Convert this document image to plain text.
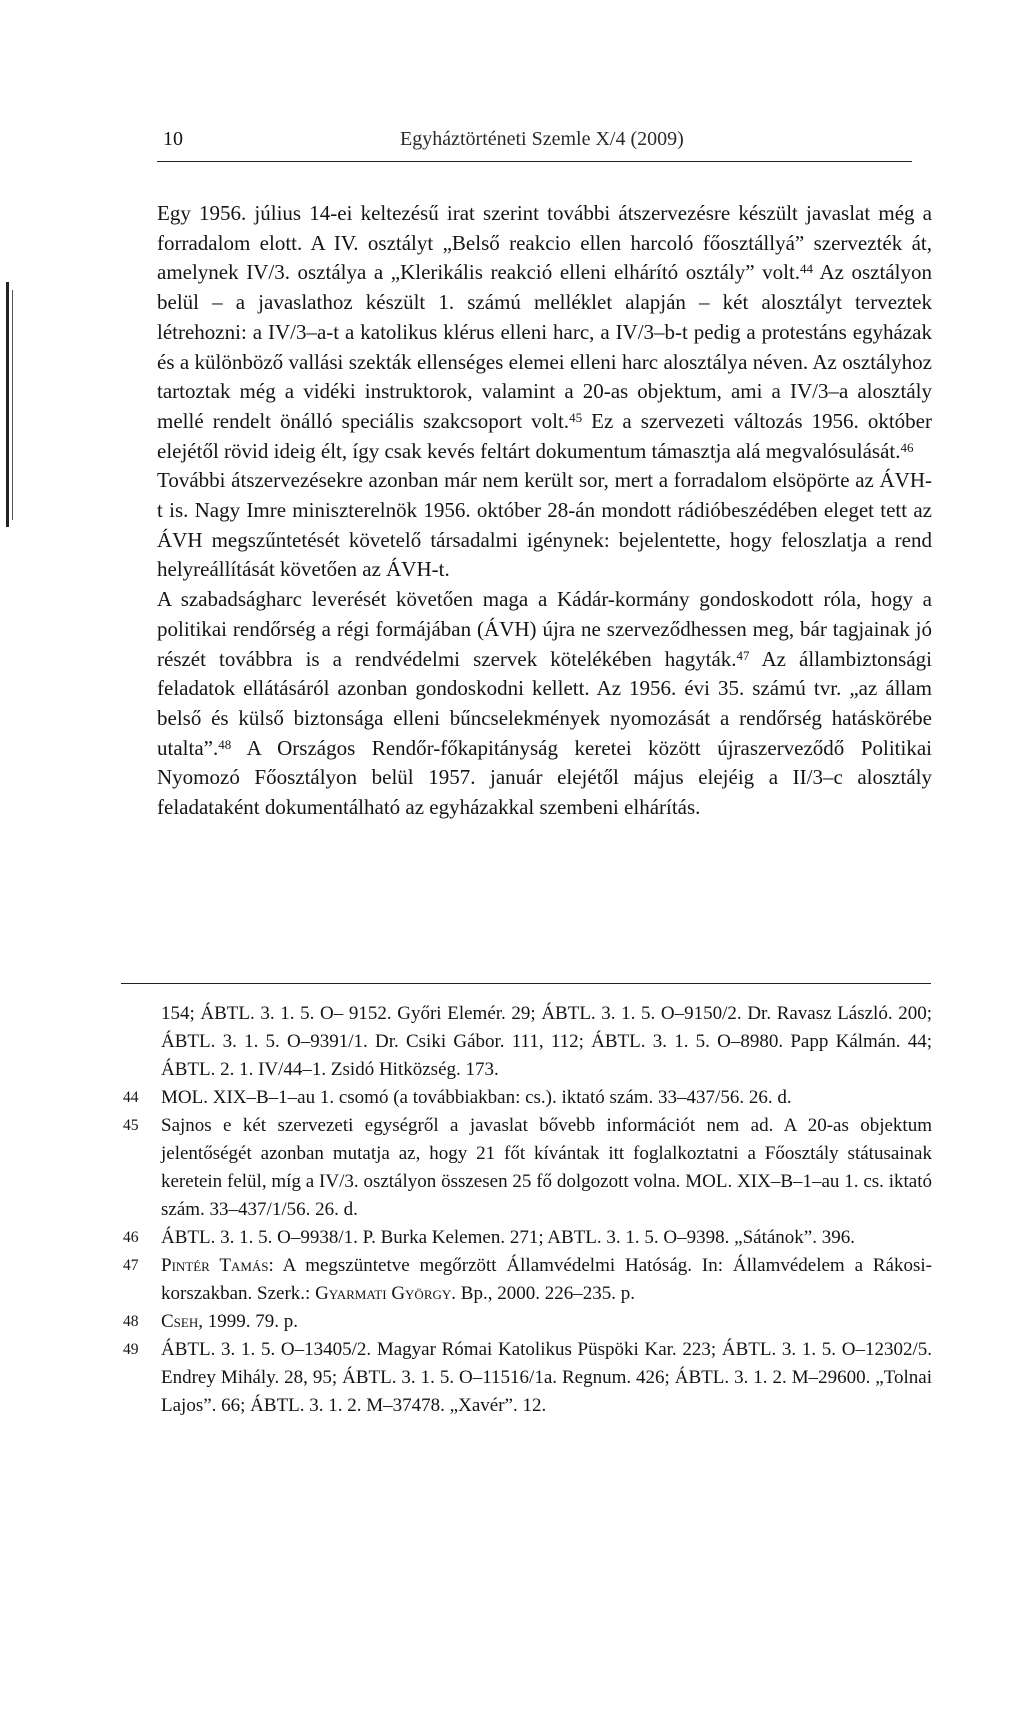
10	Egyháztörténeti Szemle X/4 (2009)

Egy 1956. július 14-ei keltezésű irat szerint további átszervezésre készült javaslat még a forradalom elott. A IV. osztályt „Belső reakcio ellen harcoló főosztállyá” szervezték át, amelynek IV/3. osztálya a „Klerikális reakció elleni elhárító osztály” volt.$^{44}$ Az osztályon belül – a javaslathoz készült 1. számú melléklet alapján – két alosztályt terveztek létrehozni: a IV/3–a-t a katolikus klérus elleni harc, a IV/3–b-t pedig a protestáns egyházak és a különböző vallási szekták ellenséges elemei elleni harc alosztálya néven. Az osztályhoz tartoztak még a vidéki instruktorok, valamint a 20-as objektum, ami a IV/3–a alosztály mellé rendelt önálló speciális szakcsoport volt.$^{45}$ Ez a szervezeti változás 1956. október elejétől rövid ideig élt, így csak kevés feltárt dokumentum támasztja alá megvalósulását.$^{46}$

További átszervezésekre azonban már nem került sor, mert a forradalom elsöpörte az ÁVH-t is. Nagy Imre miniszterelnök 1956. október 28-án mondott rádióbeszédében eleget tett az ÁVH megszűntetését követelő társadalmi igénynek: bejelentette, hogy feloszlatja a rend helyreállítását követően az ÁVH-t.

A szabadságharc leverését követően maga a Kádár-kormány gondoskodott róla, hogy a politikai rendőrség a régi formájában (ÁVH) újra ne szerveződhessen meg, bár tagjainak jó részét továbbra is a rendvédelmi szervek kötelékében hagyták.$^{47}$ Az állambiztonsági feladatok ellátásáról azonban gondoskodni kellett. Az 1956. évi 35. számú tvr. „az állam belső és külső biztonsága elleni bűncselekmények nyomozását a rendőrség hatáskörébe utalta”.$^{48}$ A Országos Rendőr-főkapitányság keretei között újraszerveződő Politikai Nyomozó Főosztályon belül 1957. január elejétől május elejéig a II/3–c alosztály feladataként dokumentálható az egyházakkal szembeni elhárítás.

154; ÁBTL. 3. 1. 5. O– 9152. Győri Elemér. 29; ÁBTL. 3. 1. 5. O–9150/2. Dr. Ravasz László. 200; ÁBTL. 3. 1. 5. O–9391/1. Dr. Csiki Gábor. 111, 112; ÁBTL. 3. 1. 5. O–8980. Papp Kálmán. 44; ÁBTL. 2. 1. IV/44–1. Zsidó Hitközség. 173.
44	MOL. XIX–B–1–au 1. csomó (a továbbiakban: cs.). iktató szám. 33–437/56. 26. d.
45	Sajnos e két szervezeti egységről a javaslat bővebb információt nem ad. A 20-as objektum jelentőségét azonban mutatja az, hogy 21 főt kívántak itt foglalkoztatni a Főosztály státusainak keretein felül, míg a IV/3. osztályon összesen 25 fő dolgozott volna. MOL. XIX–B–1–au 1. cs. iktató szám. 33–437/1/56. 26. d.
46	ÁBTL. 3. 1. 5. O–9938/1. P. Burka Kelemen. 271; ABTL. 3. 1. 5. O–9398. „Sátánok”. 396.
47	Pintér Tamás: A megszüntetve megőrzött Államvédelmi Hatóság. In: Államvédelem a Rákosi-korszakban. Szerk.: Gyarmati György. Bp., 2000. 226–235. p.
48	Cseh, 1999. 79. p.
49	ÁBTL. 3. 1. 5. O–13405/2. Magyar Római Katolikus Püspöki Kar. 223; ÁBTL. 3. 1. 5. O–12302/5. Endrey Mihály. 28, 95; ÁBTL. 3. 1. 5. O–11516/1a. Regnum. 426; ÁBTL. 3. 1. 2. M–29600. „Tolnai Lajos”. 66; ÁBTL. 3. 1. 2. M–37478. „Xavér”. 12.
